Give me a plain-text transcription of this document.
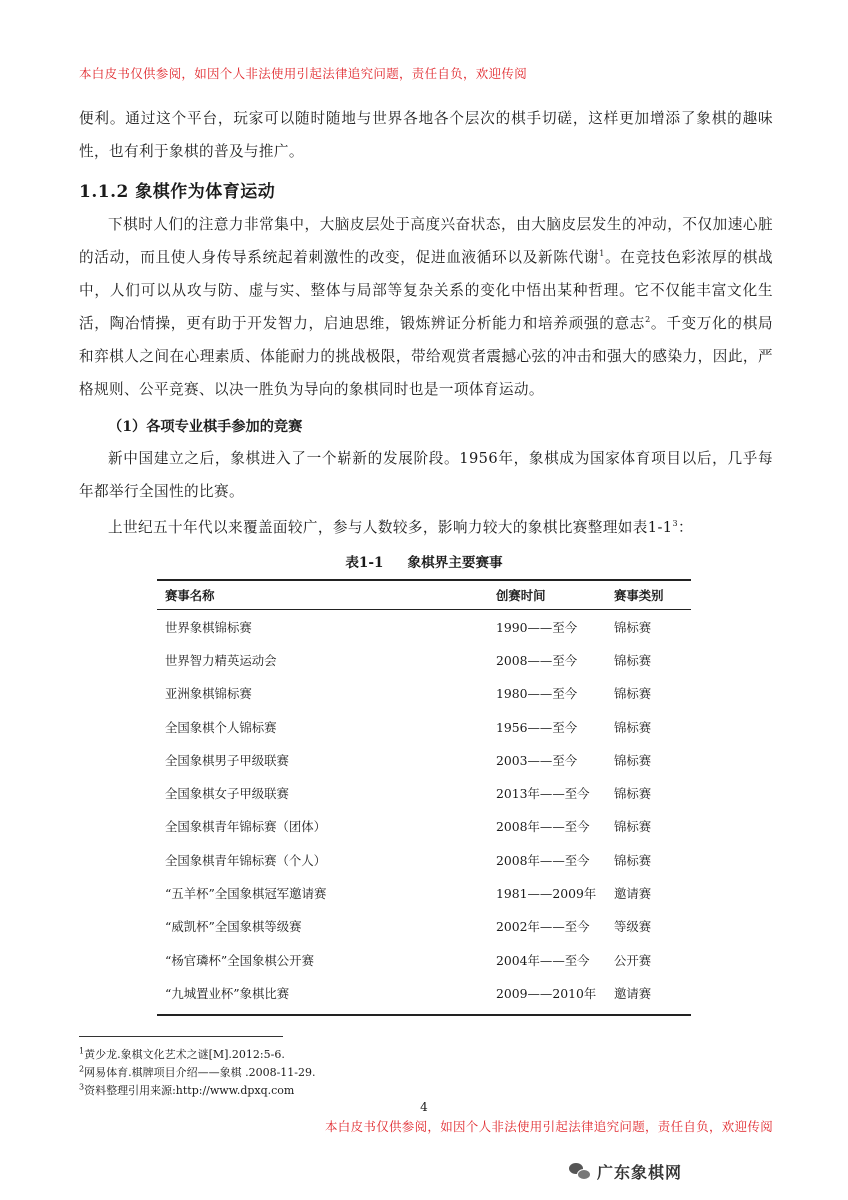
本白皮书仅供参阅，如因个人非法使用引起法律追究问题，责任自负，欢迎传阅
便利。通过这个平台，玩家可以随时随地与世界各地各个层次的棋手切磋，这样更加增添了象棋的趣味性，也有利于象棋的普及与推广。
1.1.2 象棋作为体育运动
下棋时人们的注意力非常集中，大脑皮层处于高度兴奋状态，由大脑皮层发生的冲动，不仅加速心脏的活动，而且使人身传导系统起着刺激性的改变，促进血液循环以及新陈代谢$^1$。在竞技色彩浓厚的棋战中，人们可以从攻与防、虚与实、整体与局部等复杂关系的变化中悟出某种哲理。它不仅能丰富文化生活，陶冶情操，更有助于开发智力，启迪思维，锻炼辨证分析能力和培养顽强的意志$^2$。千变万化的棋局和弈棋人之间在心理素质、体能耐力的挑战极限，带给观赏者震撼心弦的冲击和强大的感染力，因此，严格规则、公平竞赛、以决一胜负为导向的象棋同时也是一项体育运动。
（1）各项专业棋手参加的竞赛
新中国建立之后，象棋进入了一个崭新的发展阶段。1956年，象棋成为国家体育项目以后，几乎每年都举行全国性的比赛。
上世纪五十年代以来覆盖面较广，参与人数较多，影响力较大的象棋比赛整理如表$1-1^3$：
表1-1 象棋界主要赛事
赛事名称	创赛时间	赛事类别
世界象棋锦标赛	1990——至今	锦标赛
世界智力精英运动会	2008——至今	锦标赛
亚洲象棋锦标赛	1980——至今	锦标赛
全国象棋个人锦标赛	1956——至今	锦标赛
全国象棋男子甲级联赛	2003——至今	锦标赛
全国象棋女子甲级联赛	2013年——至今	锦标赛
全国象棋青年锦标赛（团体）	2008年——至今	锦标赛
全国象棋青年锦标赛（个人）	2008年——至今	锦标赛
“五羊杯”全国象棋冠军邀请赛	1981——2009年	邀请赛
“威凯杯”全国象棋等级赛	2002年——至今	等级赛
“杨官璘杯”全国象棋公开赛	2004年——至今	公开赛
“九城置业杯”象棋比赛	2009——2010年	邀请赛
$^1$黄少龙.象棋文化艺术之谜[M].2012:5-6.
$^2$网易体育.棋牌项目介绍——象棋 .2008-11-29.
$^3$资料整理引用来源:http://www.dpxq.com
4
本白皮书仅供参阅，如因个人非法使用引起法律追究问题，责任自负，欢迎传阅
广东象棋网
